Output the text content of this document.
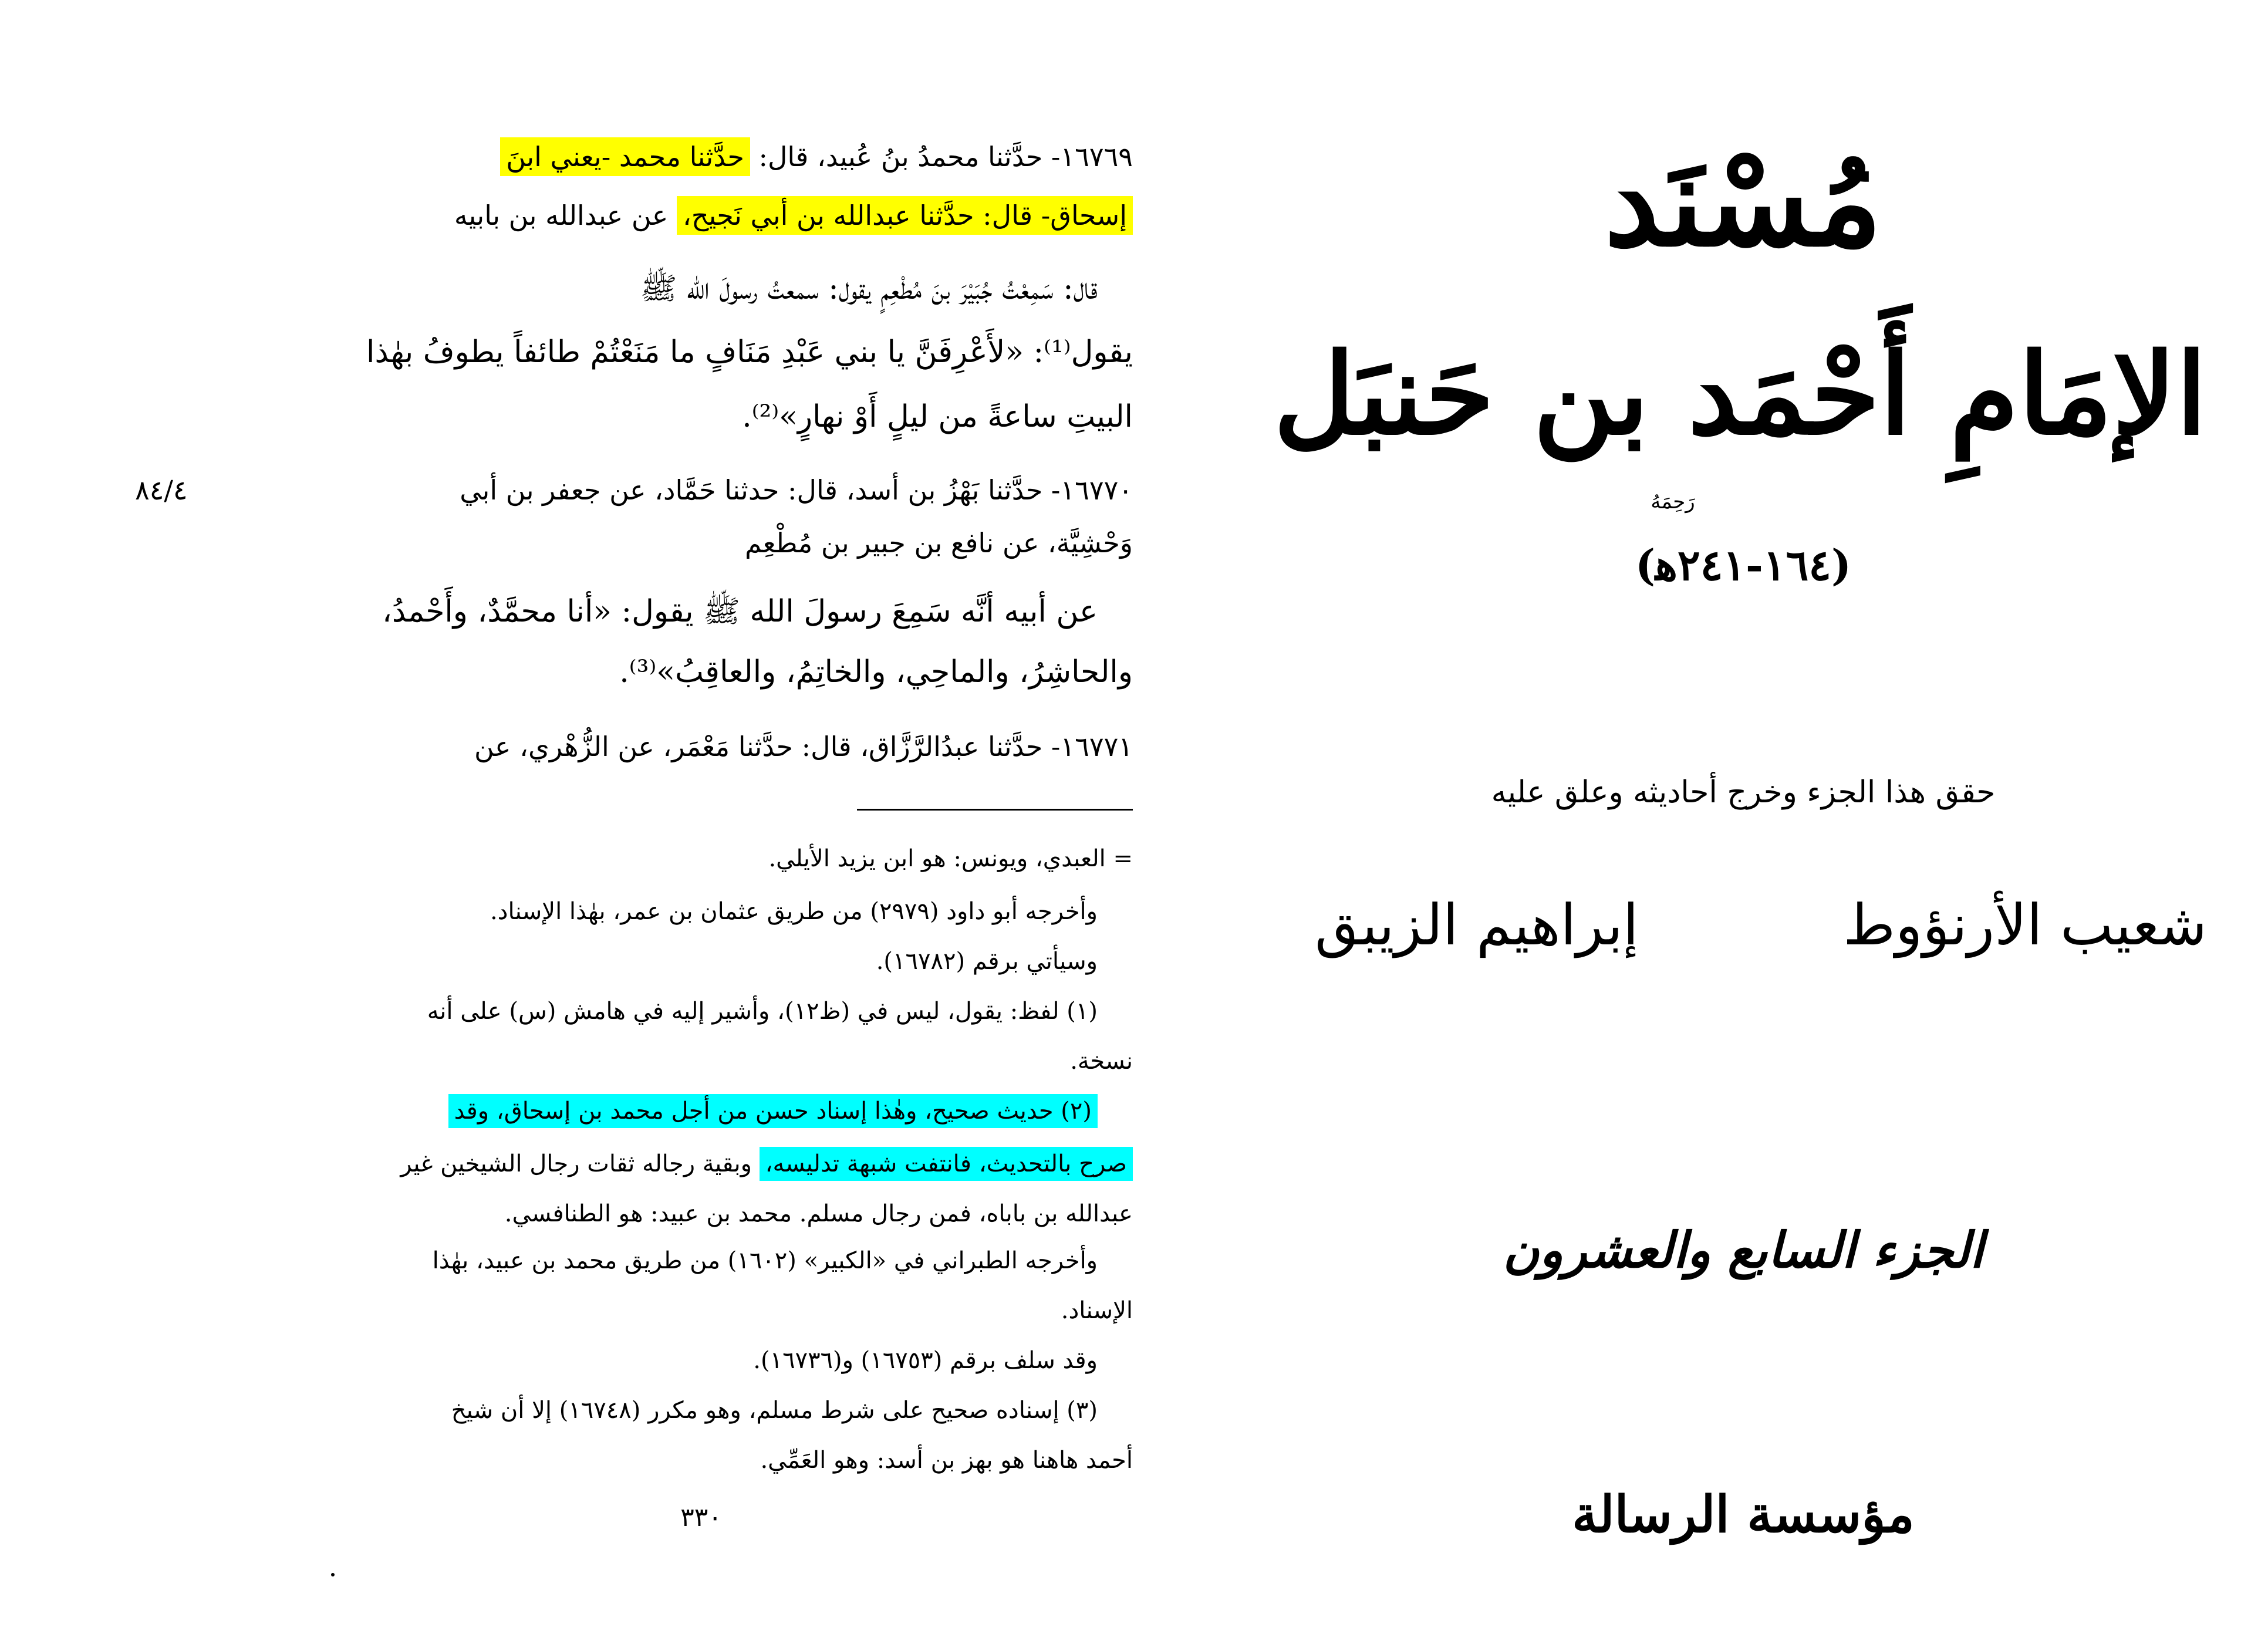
١٦٧٦٩- حدَّثنا محمدُ بنُ عُبيد، قال: حدَّثنا محمد -يعني ابنَ
إسحاق- قال: حدَّثنا عبدالله بن أبي نَجيح، عن عبدالله بن بابيه
قال: سَمِعْتُ جُبَيْرَ بنَ مُطْعِمٍ يقول: سمعتُ رسولَ الله ﷺ
يقول⁽¹⁾: «لأَعْرِفَنَّ يا بني عَبْدِ مَنَافٍ ما مَنَعْتُمْ طائفاً يطوفُ بهٰذا
البيتِ ساعةً من ليلٍ أَوْ نهارٍ»⁽²⁾.
٨٤/٤	١٦٧٧٠- حدَّثنا بَهْزُ بن أسد، قال: حدثنا حَمَّاد، عن جعفر بن أبي
وَحْشِيَّة، عن نافع بن جبير بن مُطْعِم
عن أبيه أنَّه سَمِعَ رسولَ الله ﷺ يقول: «أنا محمَّدٌ، وأَحْمدُ،
والحاشِرُ، والماحِي، والخاتِمُ، والعاقِبُ»⁽³⁾.
١٦٧٧١- حدَّثنا عبدُالرَّزَّاق، قال: حدَّثنا مَعْمَر، عن الزُّهْري، عن
= العبدي، ويونس: هو ابن يزيد الأيلي.
وأخرجه أبو داود (٢٩٧٩) من طريق عثمان بن عمر، بهٰذا الإسناد.
وسيأتي برقم (١٦٧٨٢).
(١) لفظ: يقول، ليس في (ظ١٢)، وأشير إليه في هامش (س) على أنه
نسخة.
(٢) حديث صحيح، وهٰذا إسناد حسن من أجل محمد بن إسحاق، وقد
صرح بالتحديث، فانتفت شبهة تدليسه، وبقية رجاله ثقات رجال الشيخين غير
عبدالله بن باباه، فمن رجال مسلم. محمد بن عبيد: هو الطنافسي.
وأخرجه الطبراني في «الكبير» (١٦٠٢) من طريق محمد بن عبيد، بهٰذا
الإسناد.
وقد سلف برقم (١٦٧٥٣) و(١٦٧٣٦).
(٣) إسناده صحيح على شرط مسلم، وهو مكرر (١٦٧٤٨) إلا أن شيخ
أحمد هاهنا هو بهز بن أسد: وهو العَمِّي.
٣٣٠
مُسْنَد
الإمَامِ أَحْمَد بن حَنبَل
رَحِمَهُ
(١٦٤-٢٤١ﻫ)
حقق هذا الجزء وخرج أحاديثه وعلق عليه
شعيب الأرنؤوط
إبراهيم الزيبق
الجزء السابع والعشرون
مؤسسة الرسالة
